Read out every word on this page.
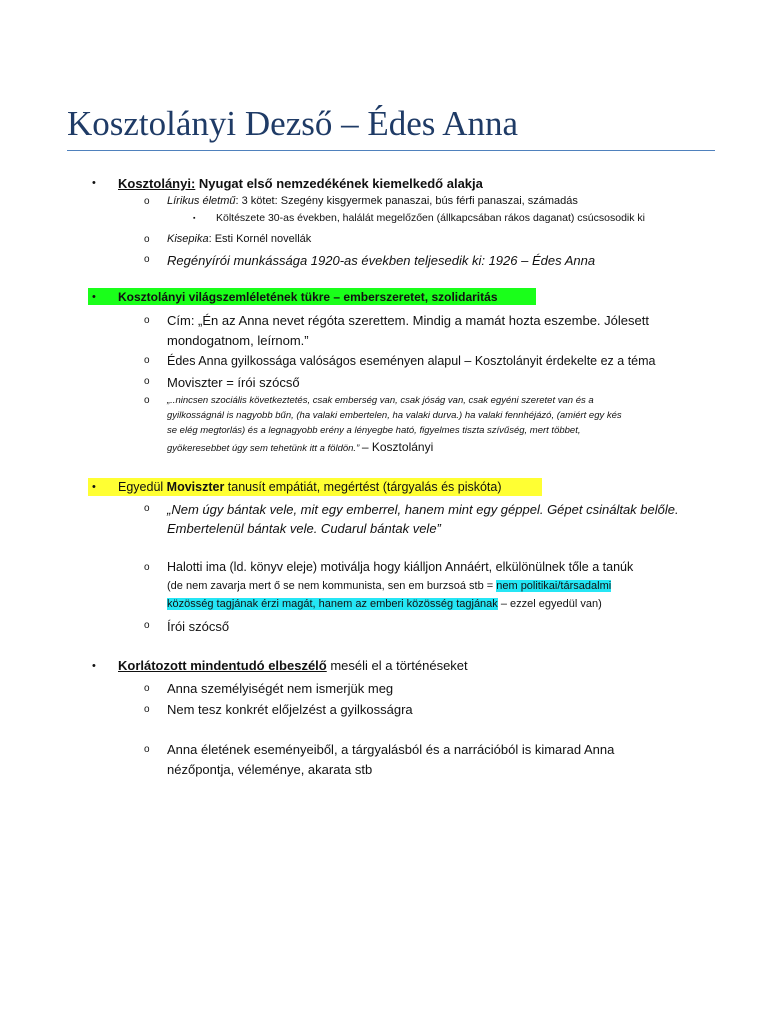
Kosztolányi Dezső – Édes Anna
• Kosztolányi: Nyugat első nemzedékének kiemelkedő alakja
o Lírikus életmű: 3 kötet: Szegény kisgyermek panaszai, bús férfi panaszai, számadás
▪ Költészete 30-as években, halálát megelőzően (állkapcsában rákos daganat) csúcsosodik ki
o Kisepika: Esti Kornél novellák
o Regényírói munkássága 1920-as években teljesedik ki: 1926 – Édes Anna
• Kosztolányi világszemléletének tükre – emberszeretet, szolidaritás
o Cím: „Én az Anna nevet régóta szerettem. Mindig a mamát hozta eszembe. Jólesett
mondogatnom, leírnom.”
o Édes Anna gyilkossága valóságos eseményen alapul – Kosztolányit érdekelte ez a téma
o Moviszter = írói szócső
o „..nincsen szociális következtetés, csak emberség van, csak jóság van, csak egyéni szeretet van és a
gyilkosságnál is nagyobb bűn, (ha valaki embertelen, ha valaki durva.) ha valaki fennhéjázó, (amiért egy kés
se elég megtorlás) és a legnagyobb erény a lényegbe ható, figyelmes tiszta szívűség, mert többet,
gyökeresebbet úgy sem tehetünk itt a földön.” – Kosztolányi
• Egyedül Moviszter tanusít empátiát, megértést (tárgyalás és piskóta)
o „Nem úgy bántak vele, mit egy emberrel, hanem mint egy géppel. Gépet csináltak belőle.
Embertelenül bántak vele. Cudarul bántak vele”
o Halotti ima (ld. könyv eleje) motiválja hogy kiálljon Annáért, elkülönülnek tőle a tanúk
(de nem zavarja mert ő se nem kommunista, sen em burzsoá stb = nem politikai/társadalmi
közösség tagjának érzi magát, hanem az emberi közösség tagjának – ezzel egyedül van)
o Írói szócső
• Korlátozott mindentudó elbeszélő meséli el a történéseket
o Anna személyiségét nem ismerjük meg
o Nem tesz konkrét előjelzést a gyilkosságra
o Anna életének eseményeiből, a tárgyalásból és a narrációból is kimarad Anna
nézőpontja, véleménye, akarata stb
